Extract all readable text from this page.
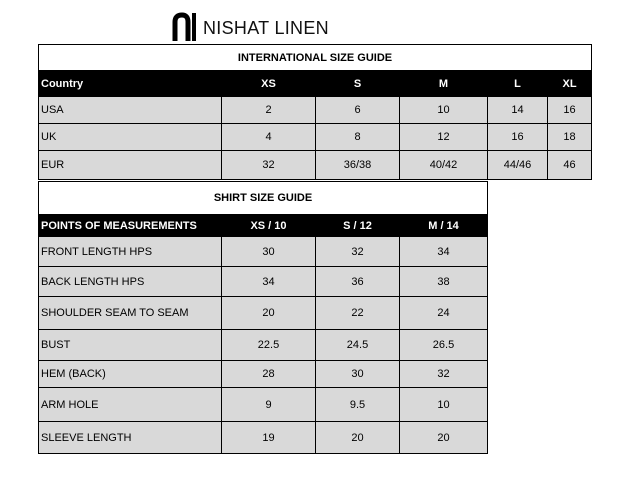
NISHAT LINEN
INTERNATIONAL SIZE GUIDE					
Country	XS	S	M	L	XL
USA	2	6	10	14	16
UK	4	8	12	16	18
EUR	32	36/38	40/42	44/46	46
SHIRT SIZE GUIDE			
POINTS OF MEASUREMENTS	XS / 10	S / 12	M / 14
FRONT LENGTH HPS	30	32	34
BACK LENGTH HPS	34	36	38
SHOULDER SEAM TO SEAM	20	22	24
BUST	22.5	24.5	26.5
HEM (BACK)	28	30	32
ARM HOLE	9	9.5	10
SLEEVE LENGTH	19	20	20
